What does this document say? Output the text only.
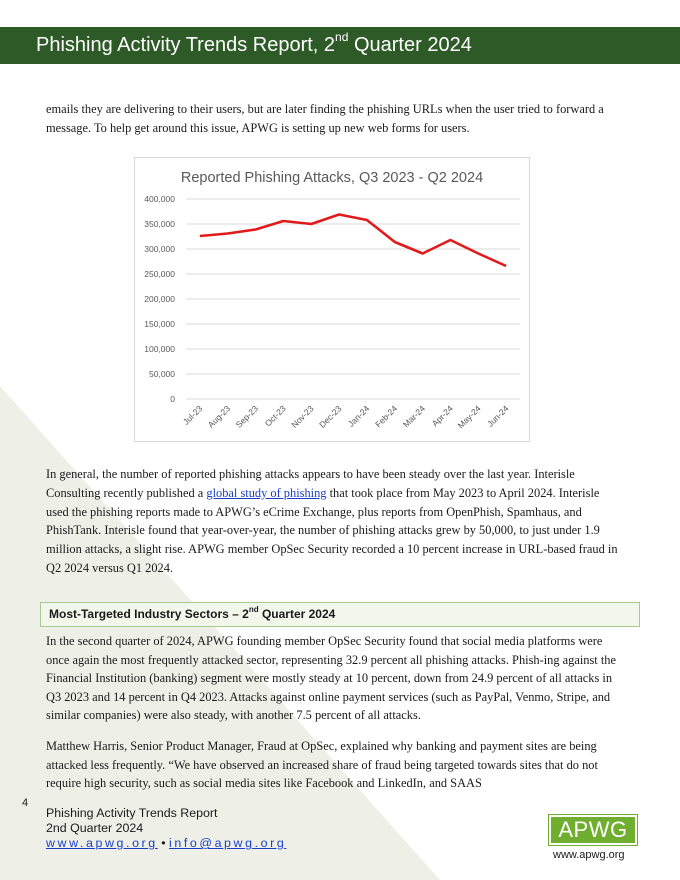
Phishing Activity Trends Report, 2nd Quarter 2024

emails they are delivering to their users, but are later finding the phishing URLs when the user tried to forward a message. To help get around this issue, APWG is setting up new web forms for users.

Reported Phishing Attacks, Q3 2023 - Q2 2024
0
50,000
100,000
150,000
200,000
250,000
300,000
350,000
400,000
Jul-23 Aug-23 Sep-23 Oct-23 Nov-23 Dec-23 Jan-24 Feb-24 Mar-24 Apr-24 May-24 Jun-24

In general, the number of reported phishing attacks appears to have been steady over the last year. Interisle Consulting recently published a global study of phishing that took place from May 2023 to April 2024. Interisle used the phishing reports made to APWG’s eCrime Exchange, plus reports from OpenPhish, Spamhaus, and PhishTank. Interisle found that year-over-year, the number of phishing attacks grew by 50,000, to just under 1.9 million attacks, a slight rise. APWG member OpSec Security recorded a 10 percent increase in URL-based fraud in Q2 2024 versus Q1 2024.

Most-Targeted Industry Sectors – 2nd Quarter 2024

In the second quarter of 2024, APWG founding member OpSec Security found that social media platforms were once again the most frequently attacked sector, representing 32.9 percent all phishing attacks. Phish-ing against the Financial Institution (banking) segment were mostly steady at 10 percent, down from 24.9 percent of all attacks in Q3 2023 and 14 percent in Q4 2023. Attacks against online payment services (such as PayPal, Venmo, Stripe, and similar companies) were also steady, with another 7.5 percent of all attacks.

Matthew Harris, Senior Product Manager, Fraud at OpSec, explained why banking and payment sites are being attacked less frequently. “We have observed an increased share of fraud being targeted towards sites that do not require high security, such as social media sites like Facebook and LinkedIn, and SAAS

4
Phishing Activity Trends Report
2nd Quarter 2024
www.apwg.org • info@apwg.org
APWG
www.apwg.org
